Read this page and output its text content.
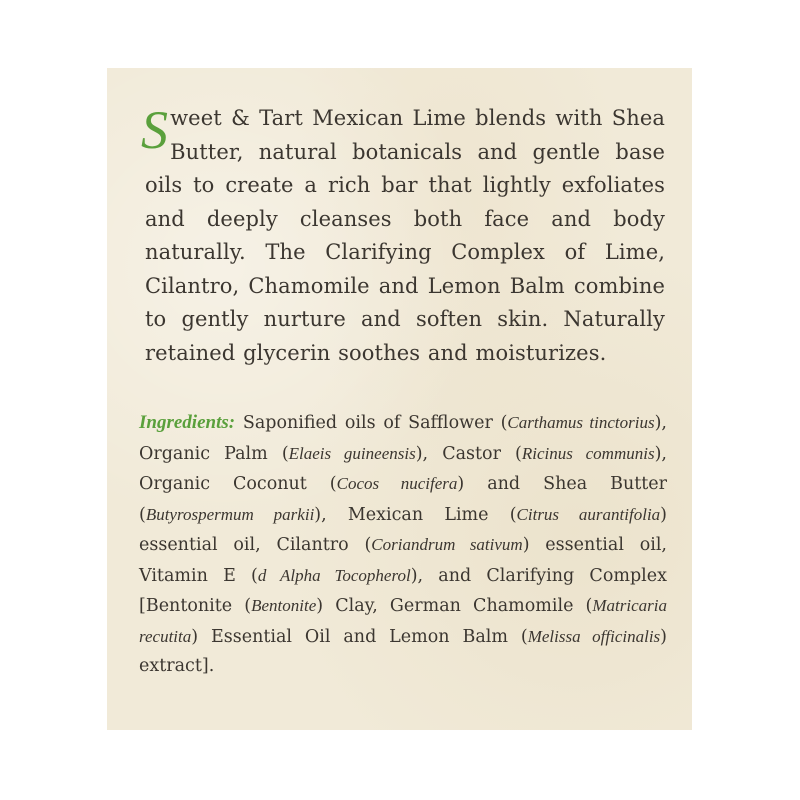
Sweet & Tart Mexican Lime blends with Shea Butter, natural botanicals and gentle base oils to create a rich bar that lightly exfoliates and deeply cleanses both face and body naturally. The Clarifying Complex of Lime, Cilantro, Chamomile and Lemon Balm combine to gently nurture and soften skin. Naturally retained glycerin soothes and moisturizes.

Ingredients: Saponified oils of Safflower (Carthamus tinctorius), Organic Palm (Elaeis guineensis), Castor (Ricinus communis), Organic Coconut (Cocos nucifera) and Shea Butter (Butyrospermum parkii), Mexican Lime (Citrus aurantifolia) essential oil, Cilantro (Coriandrum sativum) essential oil, Vitamin E (d Alpha Tocopherol), and Clarifying Complex [Bentonite (Bentonite) Clay, German Chamomile (Matricaria recutita) Essential Oil and Lemon Balm (Melissa officinalis) extract].
